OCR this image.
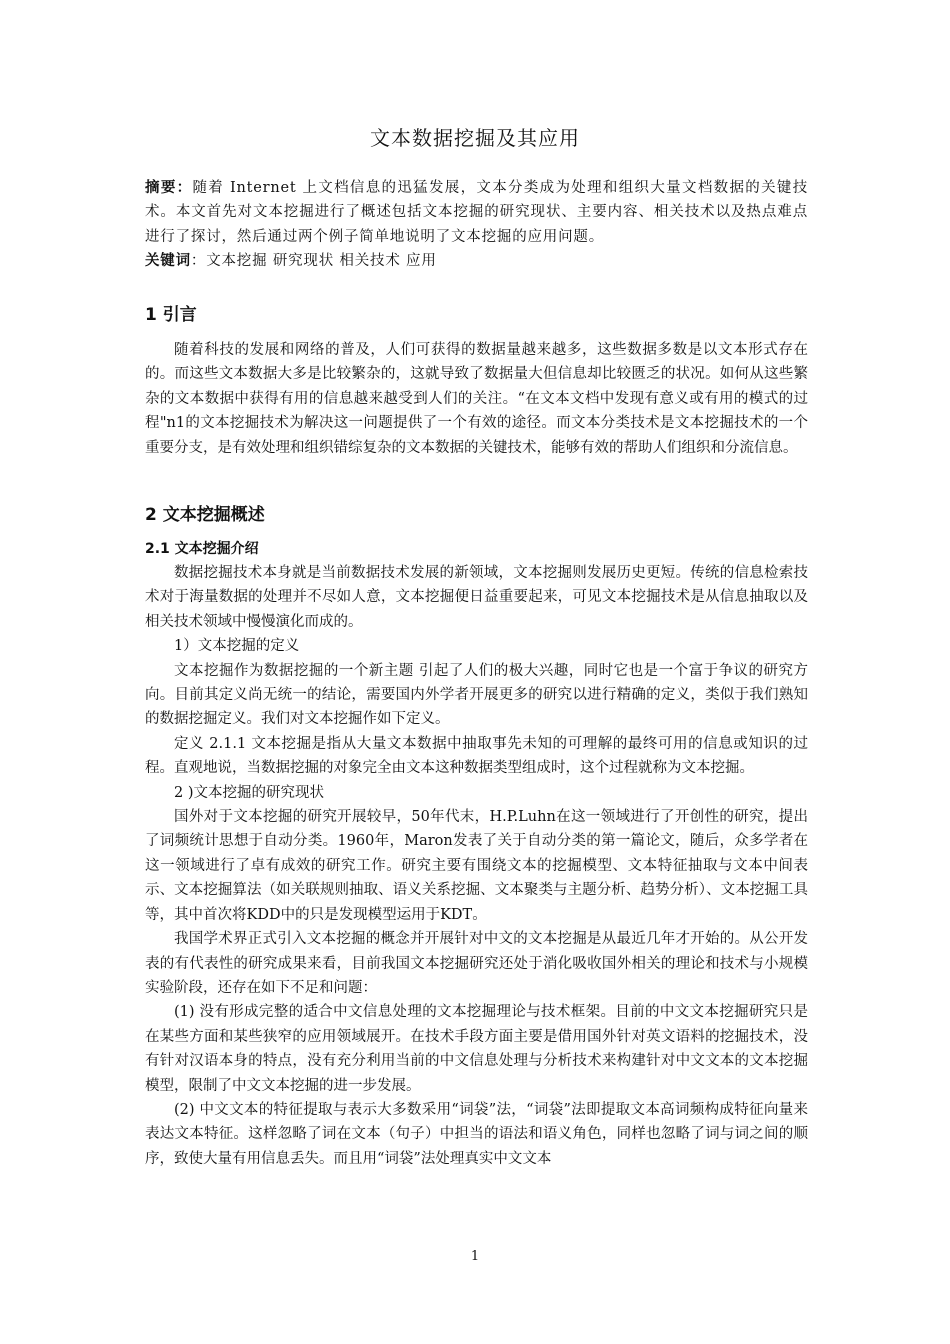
文本数据挖掘及其应用

摘要：随着 Internet 上文档信息的迅猛发展，文本分类成为处理和组织大量文档数据的关键技术。本文首先对文本挖掘进行了概述包括文本挖掘的研究现状、主要内容、相关技术以及热点难点进行了探讨，然后通过两个例子简单地说明了文本挖掘的应用问题。

关键词：文本挖掘 研究现状 相关技术 应用

1 引言

随着科技的发展和网络的普及，人们可获得的数据量越来越多，这些数据多数是以文本形式存在的。而这些文本数据大多是比较繁杂的，这就导致了数据量大但信息却比较匮乏的状况。如何从这些繁杂的文本数据中获得有用的信息越来越受到人们的关注。“在文本文档中发现有意义或有用的模式的过程"n1的文本挖掘技术为解决这一问题提供了一个有效的途径。而文本分类技术是文本挖掘技术的一个重要分支，是有效处理和组织错综复杂的文本数据的关键技术，能够有效的帮助人们组织和分流信息。

2 文本挖掘概述
2.1 文本挖掘介绍

数据挖掘技术本身就是当前数据技术发展的新领域，文本挖掘则发展历史更短。传统的信息检索技术对于海量数据的处理并不尽如人意，文本挖掘便日益重要起来，可见文本挖掘技术是从信息抽取以及相关技术领域中慢慢演化而成的。

1）文本挖掘的定义

文本挖掘作为数据挖掘的一个新主题 引起了人们的极大兴趣，同时它也是一个富于争议的研究方向。目前其定义尚无统一的结论，需要国内外学者开展更多的研究以进行精确的定义，类似于我们熟知的数据挖掘定义。我们对文本挖掘作如下定义。

定义 2.1.1 文本挖掘是指从大量文本数据中抽取事先未知的可理解的最终可用的信息或知识的过程。直观地说，当数据挖掘的对象完全由文本这种数据类型组成时，这个过程就称为文本挖掘。

2 )文本挖掘的研究现状

国外对于文本挖掘的研究开展较早，50年代末，H.P.Luhn在这一领域进行了开创性的研究，提出了词频统计思想于自动分类。1960年，Maron发表了关于自动分类的第一篇论文，随后，众多学者在这一领域进行了卓有成效的研究工作。研究主要有围绕文本的挖掘模型、文本特征抽取与文本中间表示、文本挖掘算法（如关联规则抽取、语义关系挖掘、文本聚类与主题分析、趋势分析）、文本挖掘工具等，其中首次将KDD中的只是发现模型运用于KDT。

我国学术界正式引入文本挖掘的概念并开展针对中文的文本挖掘是从最近几年才开始的。从公开发表的有代表性的研究成果来看，目前我国文本挖掘研究还处于消化吸收国外相关的理论和技术与小规模实验阶段，还存在如下不足和问题：

(1) 没有形成完整的适合中文信息处理的文本挖掘理论与技术框架。目前的中文文本挖掘研究只是在某些方面和某些狭窄的应用领域展开。在技术手段方面主要是借用国外针对英文语料的挖掘技术，没有针对汉语本身的特点，没有充分利用当前的中文信息处理与分析技术来构建针对中文文本的文本挖掘模型，限制了中文文本挖掘的进一步发展。

(2) 中文文本的特征提取与表示大多数采用“词袋”法，“词袋”法即提取文本高词频构成特征向量来表达文本特征。这样忽略了词在文本（句子）中担当的语法和语义角色，同样也忽略了词与词之间的顺序，致使大量有用信息丢失。而且用“词袋”法处理真实中文文本

1
